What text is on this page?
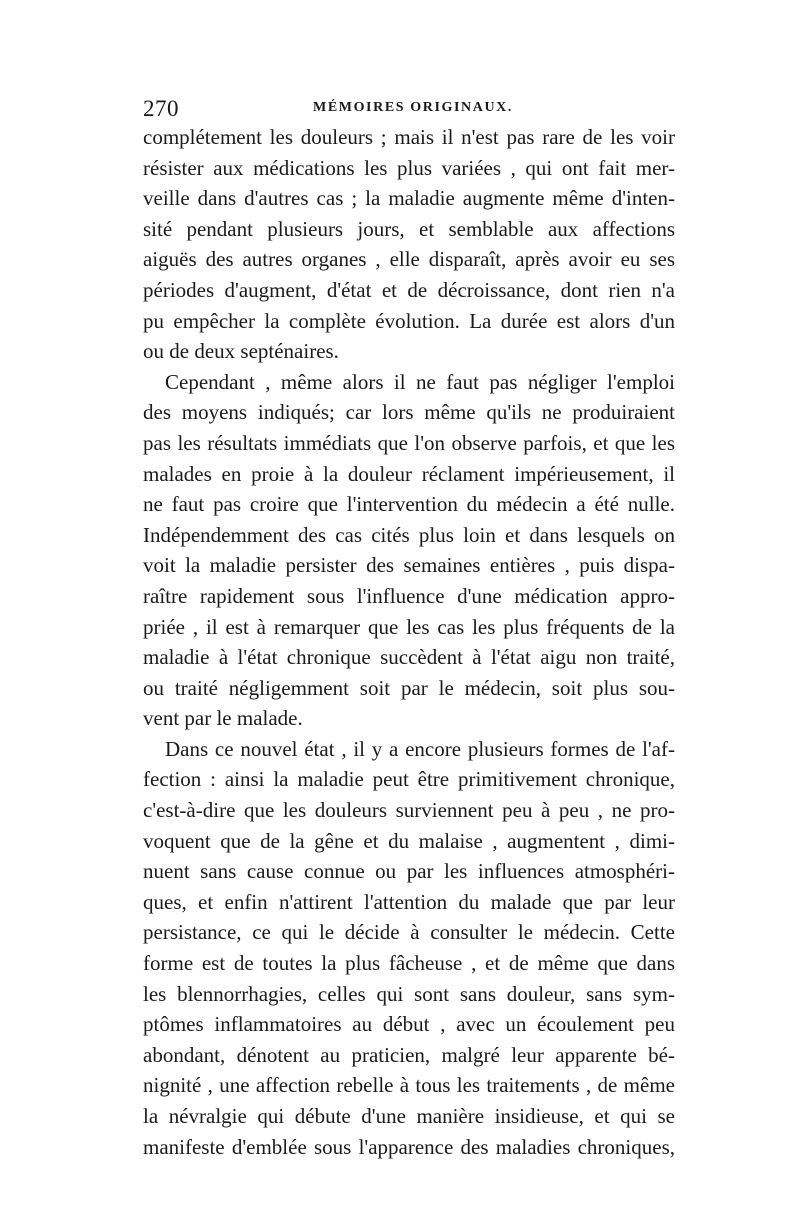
270	MÉMOIRES ORIGINAUX.
complétement les douleurs ; mais il n'est pas rare de les voir
résister aux médications les plus variées , qui ont fait mer-
veille dans d'autres cas ; la maladie augmente même d'inten-
sité pendant plusieurs jours, et semblable aux affections
aiguës des autres organes , elle disparaît, après avoir eu ses
périodes d'augment, d'état et de décroissance, dont rien n'a
pu empêcher la complète évolution. La durée est alors d'un
ou de deux septénaires.
Cependant , même alors il ne faut pas négliger l'emploi
des moyens indiqués; car lors même qu'ils ne produiraient
pas les résultats immédiats que l'on observe parfois, et que les
malades en proie à la douleur réclament impérieusement, il
ne faut pas croire que l'intervention du médecin a été nulle.
Indépendemment des cas cités plus loin et dans lesquels on
voit la maladie persister des semaines entières , puis dispa-
raître rapidement sous l'influence d'une médication appro-
priée , il est à remarquer que les cas les plus fréquents de la
maladie à l'état chronique succèdent à l'état aigu non traité,
ou traité négligemment soit par le médecin, soit plus sou-
vent par le malade.
Dans ce nouvel état , il y a encore plusieurs formes de l'af-
fection : ainsi la maladie peut être primitivement chronique,
c'est-à-dire que les douleurs surviennent peu à peu , ne pro-
voquent que de la gêne et du malaise , augmentent , dimi-
nuent sans cause connue ou par les influences atmosphéri-
ques, et enfin n'attirent l'attention du malade que par leur
persistance, ce qui le décide à consulter le médecin. Cette
forme est de toutes la plus fâcheuse , et de même que dans
les blennorrhagies, celles qui sont sans douleur, sans sym-
ptômes inflammatoires au début , avec un écoulement peu
abondant, dénotent au praticien, malgré leur apparente bé-
nignité , une affection rebelle à tous les traitements , de même
la névralgie qui débute d'une manière insidieuse, et qui se
manifeste d'emblée sous l'apparence des maladies chroniques,
